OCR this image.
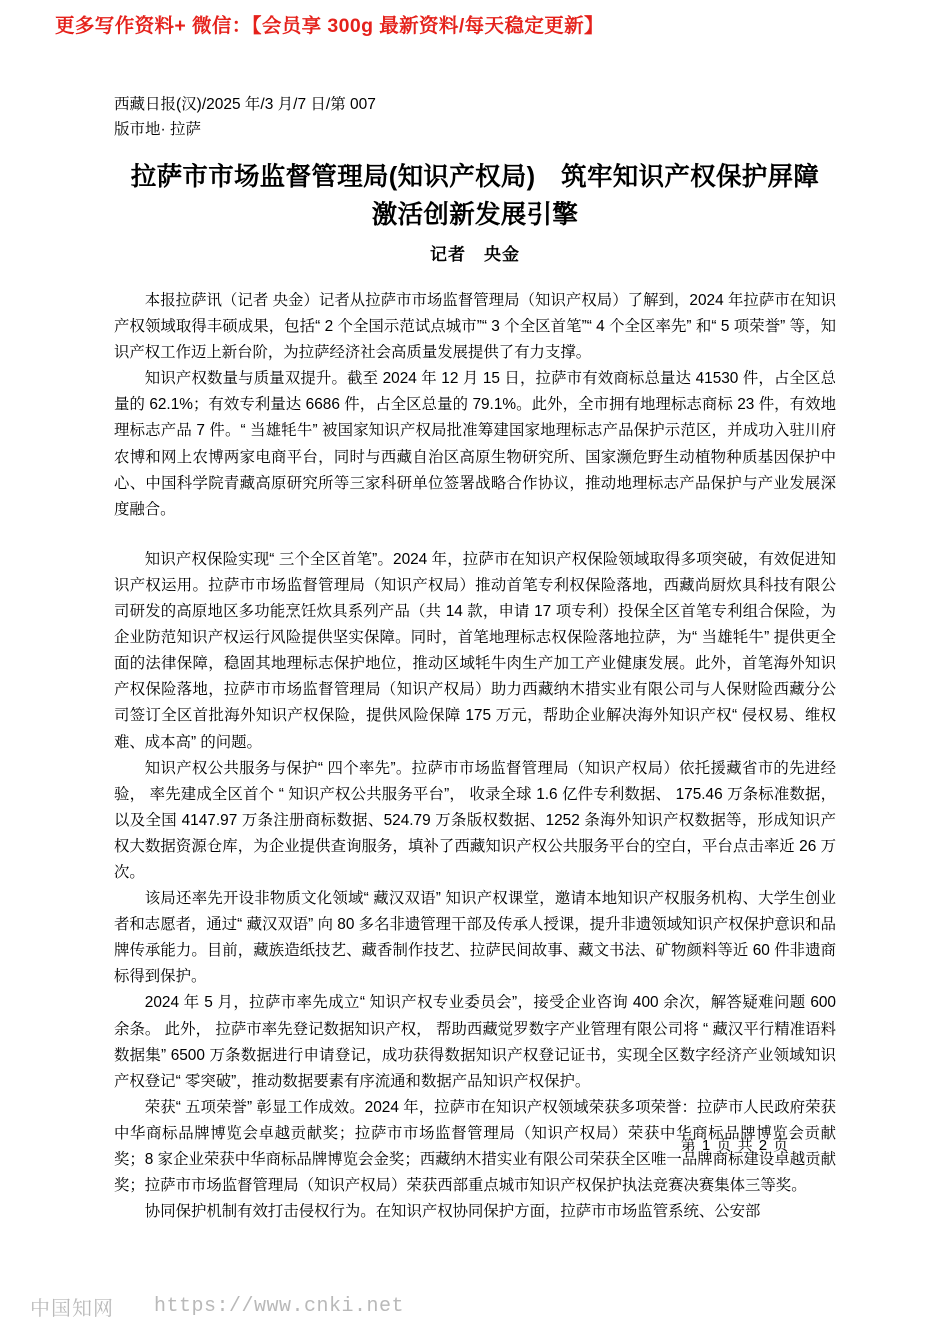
更多写作资料+ 微信：【会员享 300g 最新资料/每天稳定更新】
西藏日报(汉)/2025 年/3 月/7 日/第 007
版市地· 拉萨
拉萨市市场监督管理局(知识产权局)　筑牢知识产权保护屏障　激活创新发展引擎
记者　央金

本报拉萨讯（记者 央金）记者从拉萨市市场监督管理局（知识产权局）了解到，2024 年拉萨市在知识产权领域取得丰硕成果，包括“ 2 个全国示范试点城市”“ 3 个全区首笔”“ 4 个全区率先” 和“ 5 项荣誉” 等，知识产权工作迈上新台阶，为拉萨经济社会高质量发展提供了有力支撑。

知识产权数量与质量双提升。截至 2024 年 12 月 15 日，拉萨市有效商标总量达 41530 件，占全区总量的 62.1%；有效专利量达 6686 件，占全区总量的 79.1%。此外，全市拥有地理标志商标 23 件，有效地理标志产品 7 件。“ 当雄牦牛” 被国家知识产权局批准筹建国家地理标志产品保护示范区，并成功入驻川府农博和网上农博两家电商平台，同时与西藏自治区高原生物研究所、国家濒危野生动植物种质基因保护中心、中国科学院青藏高原研究所等三家科研单位签署战略合作协议，推动地理标志产品保护与产业发展深度融合。

知识产权保险实现“ 三个全区首笔”。2024 年，拉萨市在知识产权保险领域取得多项突破，有效促进知识产权运用。拉萨市市场监督管理局（知识产权局）推动首笔专利权保险落地，西藏尚厨炊具科技有限公司研发的高原地区多功能烹饪炊具系列产品（共 14 款，申请 17 项专利）投保全区首笔专利组合保险，为企业防范知识产权运行风险提供坚实保障。同时，首笔地理标志权保险落地拉萨，为“ 当雄牦牛” 提供更全面的法律保障，稳固其地理标志保护地位，推动区域牦牛肉生产加工产业健康发展。此外，首笔海外知识产权保险落地，拉萨市市场监督管理局（知识产权局）助力西藏纳木措实业有限公司与人保财险西藏分公司签订全区首批海外知识产权保险，提供风险保障 175 万元，帮助企业解决海外知识产权“ 侵权易、维权难、成本高” 的问题。

知识产权公共服务与保护“ 四个率先”。拉萨市市场监督管理局（知识产权局）依托援藏省市的先进经验， 率先建成全区首个 “ 知识产权公共服务平台”， 收录全球 1.6 亿件专利数据、 175.46 万条标准数据，以及全国 4147.97 万条注册商标数据、524.79 万条版权数据、1252 条海外知识产权数据等，形成知识产权大数据资源仓库，为企业提供查询服务，填补了西藏知识产权公共服务平台的空白，平台点击率近 26 万次。

该局还率先开设非物质文化领域“ 藏汉双语” 知识产权课堂，邀请本地知识产权服务机构、大学生创业者和志愿者，通过“ 藏汉双语” 向 80 多名非遗管理干部及传承人授课，提升非遗领域知识产权保护意识和品牌传承能力。目前，藏族造纸技艺、藏香制作技艺、拉萨民间故事、藏文书法、矿物颜料等近 60 件非遗商标得到保护。

2024 年 5 月，拉萨市率先成立“ 知识产权专业委员会”，接受企业咨询 400 余次，解答疑难问题 600 余条。 此外， 拉萨市率先登记数据知识产权， 帮助西藏觉罗数字产业管理有限公司将 “ 藏汉平行精准语料数据集” 6500 万条数据进行申请登记，成功获得数据知识产权登记证书，实现全区数字经济产业领域知识产权登记“ 零突破”，推动数据要素有序流通和数据产品知识产权保护。

荣获“ 五项荣誉” 彰显工作成效。2024 年，拉萨市在知识产权领域荣获多项荣誉：拉萨市人民政府荣获中华商标品牌博览会卓越贡献奖；拉萨市市场监督管理局（知识产权局）荣获中华商标品牌博览会贡献奖；8 家企业荣获中华商标品牌博览会金奖；西藏纳木措实业有限公司荣获全区唯一品牌商标建设卓越贡献奖；拉萨市市场监督管理局（知识产权局）荣获西部重点城市知识产权保护执法竞赛决赛集体三等奖。

协同保护机制有效打击侵权行为。在知识产权协同保护方面，拉萨市市场监管系统、公安部

第 1 页 共 2 页
中国知网 https://www.cnki.net
